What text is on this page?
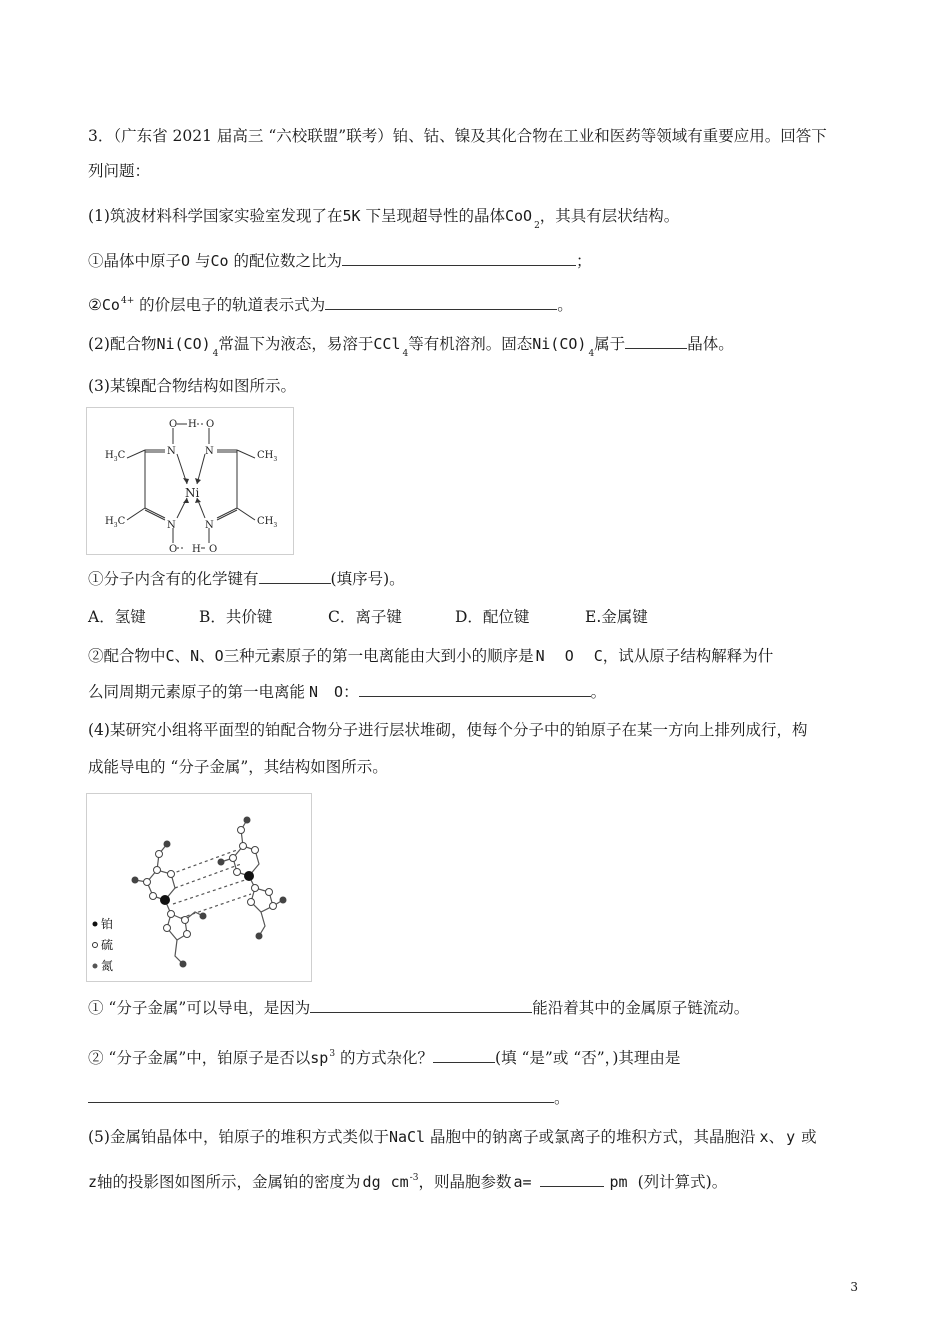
3．（广东省 2021 届高三 “六校联盟”联考）铂、钴、镍及其化合物在工业和医药等领域有重要应用。回答下
列问题：
(1)筑波材料科学国家实验室发现了在5K 下呈现超导性的晶体CoO$_2$，其具有层状结构。
①晶体中原子O 与Co 的配位数之比为	；
$②Co^{4+}$ 的价层电子的轨道表示式为	。
(2)配合物$Ni(CO)_4$常温下为液态，易溶于CCl$_4$等有机溶剂。固态$Ni(CO)_4$属于	晶体。
(3)某镍配合物结构如图所示。
$H_3C$
$H_3C$
$CH_3$
$CH_3$
N	N
N	N
O	O
O	O
H
H
Ni
①分子内含有的化学键有	(填序号)。
A．氢键	B．共价键	C．离子键	D．配位键	E.金属键
②配合物中C、N、O三种元素原子的第一电离能由大到小的顺序是 N O C，试从原子结构解释为什
么同周期元素原子的第一电离能 N O：	。
(4)某研究小组将平面型的铂配合物分子进行层状堆砌，使每个分子中的铂原子在某一方向上排列成行，构
成能导电的 “分子金属”，其结构如图所示。
铂
硫
氮
① “分子金属”可以导电，是因为	能沿着其中的金属原子链流动。
② “分子金属”中，铂原子是否以$sp^3$ 的方式杂化？	(填 “是”或 “否”，)其理由是
。
(5)金属铂晶体中，铂原子的堆积方式类似于NaCl 晶胞中的钠离子或氯离子的堆积方式，其晶胞沿 x、 y 或
z轴的投影图如图所示，金属铂的密度为 dg $cm^{-3}$，则晶胞参数 a=	pm (列计算式)。
3
